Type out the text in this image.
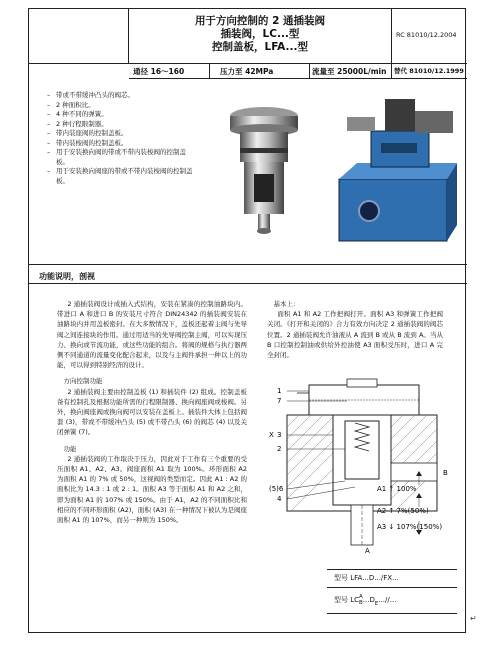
用于方向控制的 2 通插装阀
插装阀，LC...型
控制盖板，LFA...型
RC 81010/12.2004
通径 16～160	压力至 42MPa	流量至 25000L/min	替代 81010/12.1999
– 带或不带缓冲凸头的阀芯。
– 2 种面积比。
– 4 种不同的弹簧。
– 2 种行程限制器。
– 带内装座阀的控制盖板。
– 带内装梭阀的控制盖板。
– 用于安装换向阀的带或不带内装梭阀的控制盖板。
– 用于安装换向阀座的带或不带内装梭阀的控制盖板。
功能说明，剖视

2 通插装阀设计成插入式结构，安装在紧凑的控制油路块内。带进口 A 和进口 B 的安装尺寸符合 DIN24342 的插装阀安装在油路块内并用盖板密封。在大多数情况下，盖板还起着主阀与先导阀之间连接块的作用。通过用适当的先导阀控制主阀，可以实现压力、换向或节流功能，或这些功能的组合。将阀的规格与执行器两侧不同通道的流量变化配合起来，以及与主阀件承担一种以上的功能，可以得到特别经济的设计。

方向控制功能

2 通插装阀主要由控制盖板 (1) 和插装件 (2) 组成。控制盖板备有控制孔及根据功能所需的行程限制器、换向阀座阀或梭阀。另外，换向阀座阀或换向阀可以安装在盖板上。插装件大体上包括阀套 (3)，带或不带缓冲凸头 (5) 或不带凸头 (6) 的阀芯 (4) 以及关闭弹簧 (7)。

功能

2 通插装阀的工作取决于压力，因此对于工作有三个重要的受压面积 A1、A2、A3。阀座面积 A1 取为 100%。环形面积 A2 为面积 A1 的 7% 或 50%，这视阀的类型而定。因此 A1 : A2 的面积比为 14.3 : 1 或 2 : 1。面积 A3 等于面积 A1 和 A2 之和，即为面积 A1 的 107% 或 150%。由于 A1，A2 的不同面积比和相应的不同环形面积 (A2)，面积 (A3) 在一种情况下被认为是阀座面积 A1 的 107%，而另一种则为 150%。

基本上：

面积 A1 和 A2 工作把阀打开。面积 A3 和弹簧工作把阀关闭。《打开和关闭的》合力有效方向决定 2 通插装阀的阀芯位置。2 通插装阀允许油液从 A 流到 B 或从 B 流到 A。当从 B 口控制控制油或供给外控油使 A3 面积受压时，进口 A 完全封闭。

1
7
X 3
2
(5)6
4
B
A
A1 ↑ 100%
A2 ↑ 7%(50%)
A3 ↓ 107%(150%)
型号 LFA...D.../FX...
型号 LC A
B ...DE...//...
↵
